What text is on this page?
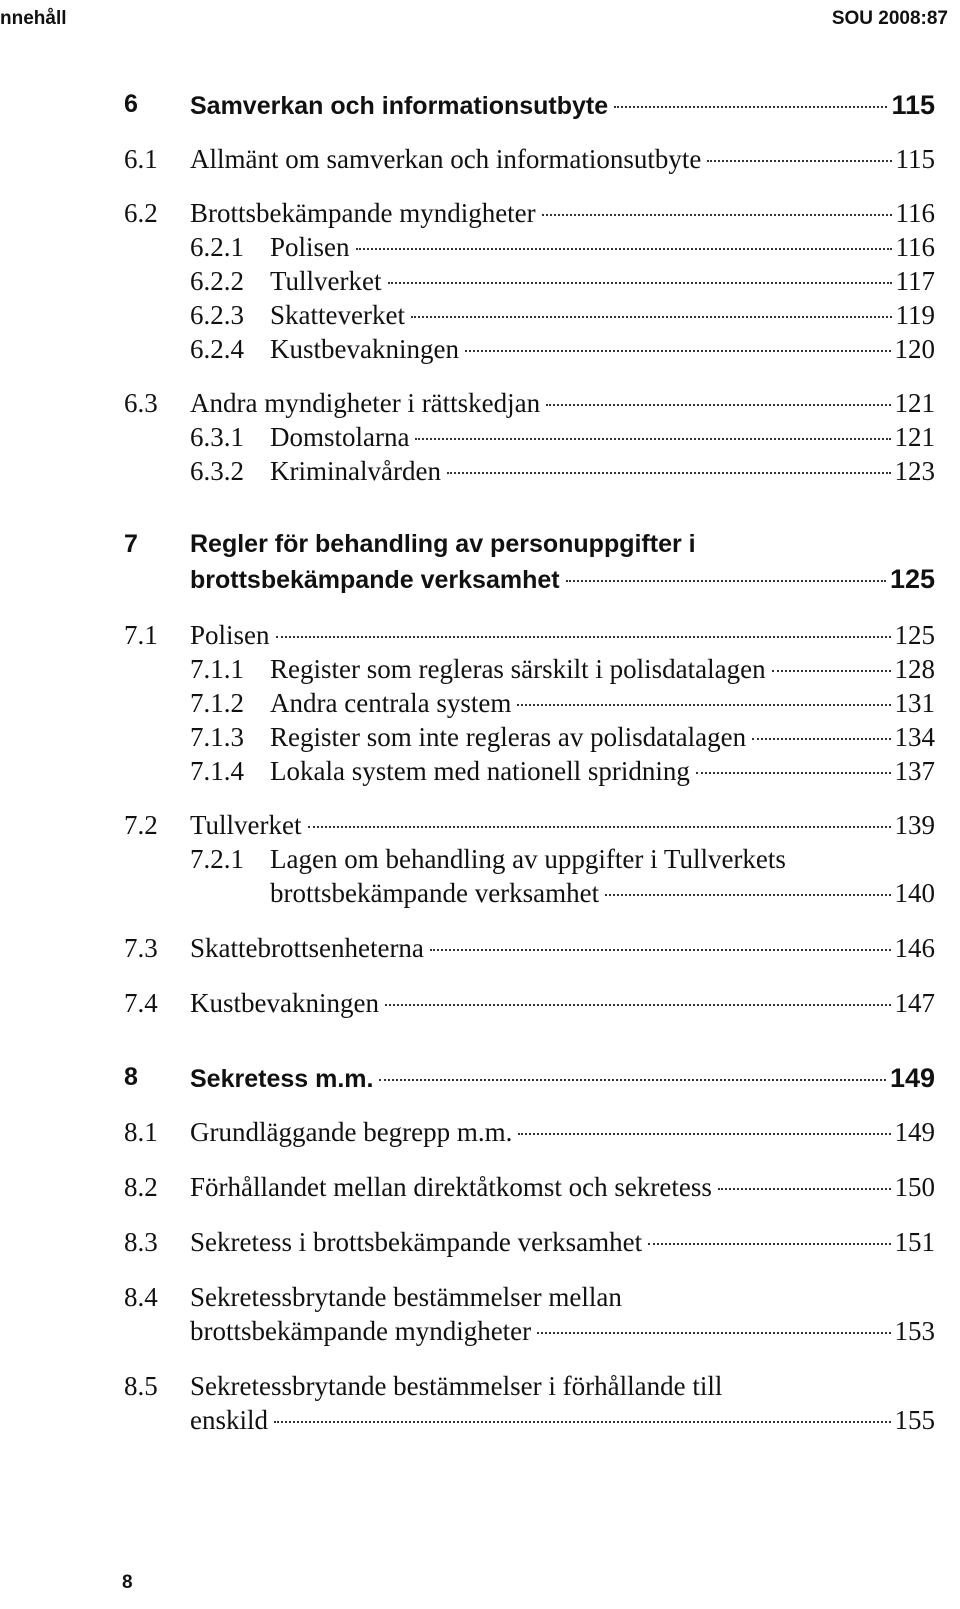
nnehåll	SOU 2008:87
6 Samverkan och informationsutbyte	115
6.1 Allmänt om samverkan och informationsutbyte	115
6.2 Brottsbekämpande myndigheter	116
6.2.1 Polisen	116
6.2.2 Tullverket	117
6.2.3 Skatteverket	119
6.2.4 Kustbevakningen	120
6.3 Andra myndigheter i rättskedjan	121
6.3.1 Domstolarna	121
6.3.2 Kriminalvården	123
7 Regler för behandling av personuppgifter i
brottsbekämpande verksamhet	125
7.1 Polisen	125
7.1.1 Register som regleras särskilt i polisdatalagen	128
7.1.2 Andra centrala system	131
7.1.3 Register som inte regleras av polisdatalagen	134
7.1.4 Lokala system med nationell spridning	137
7.2 Tullverket	139
7.2.1 Lagen om behandling av uppgifter i Tullverkets
brottsbekämpande verksamhet	140
7.3 Skattebrottsenheterna	146
7.4 Kustbevakningen	147
8 Sekretess m.m.	149
8.1 Grundläggande begrepp m.m.	149
8.2 Förhållandet mellan direktåtkomst och sekretess	150
8.3 Sekretess i brottsbekämpande verksamhet	151
8.4 Sekretessbrytande bestämmelser mellan
brottsbekämpande myndigheter	153
8.5 Sekretessbrytande bestämmelser i förhållande till
enskild	155
8
